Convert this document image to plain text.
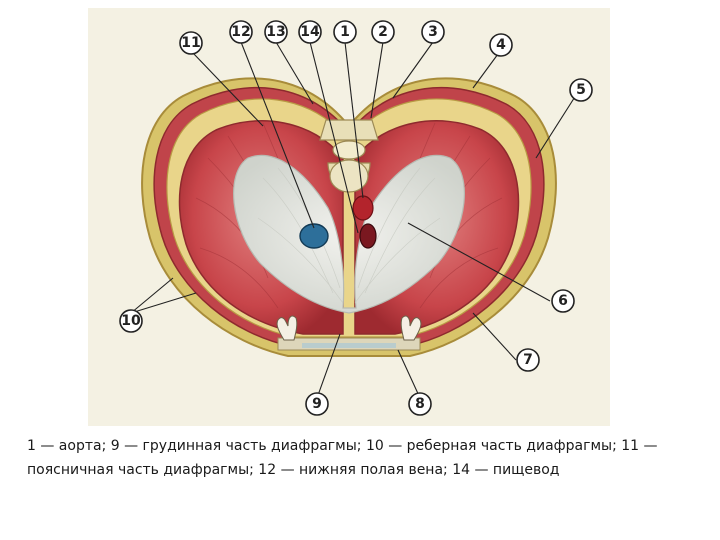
1 2	3
4
5
6
7
8
9
10
11
12 13 14
1 — аорта; 9 — грудинная часть диафрагмы; 10 — реберная часть диафрагмы; 11 —
поясничная часть диафрагмы; 12 — нижняя полая вена; 14 — пищевод
